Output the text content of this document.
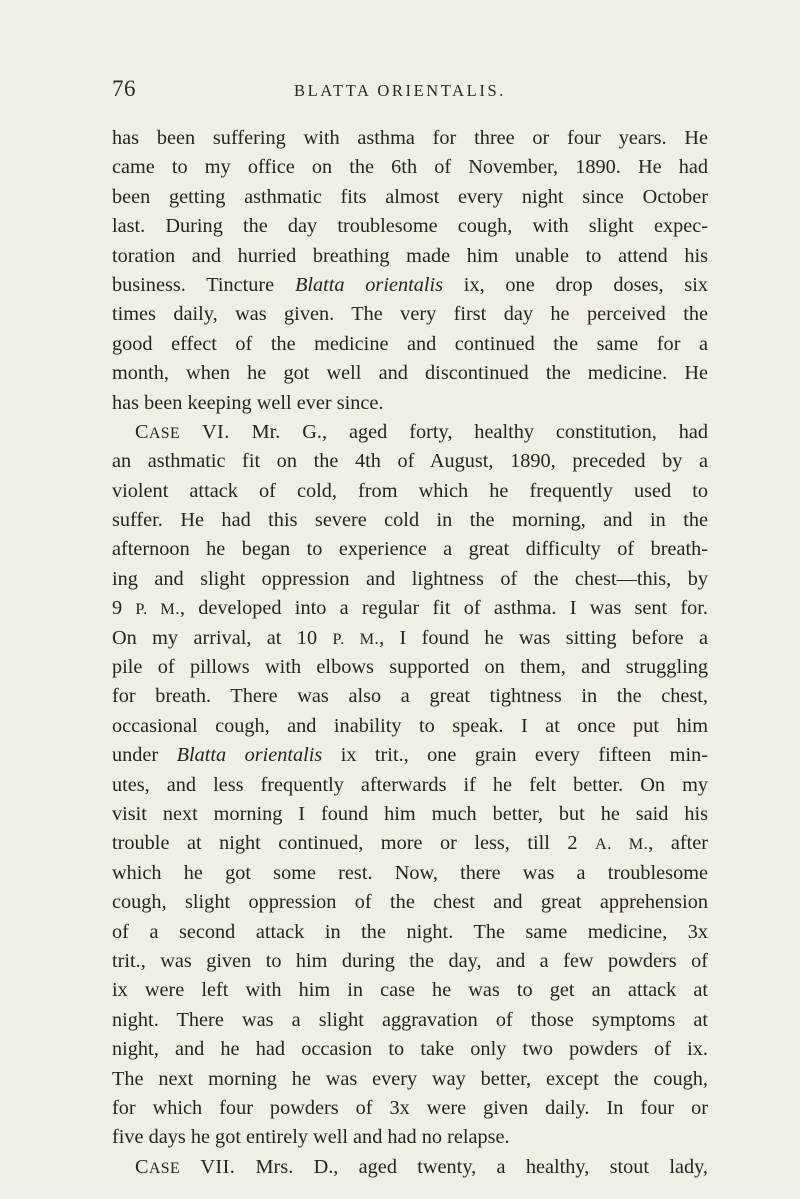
76	BLATTA ORIENTALIS.
has been suffering with asthma for three or four years. He
came to my office on the 6th of November, 1890. He had
been getting asthmatic fits almost every night since October
last. During the day troublesome cough, with slight expec-
toration and hurried breathing made him unable to attend his
business. Tincture Blatta orientalis ix, one drop doses, six
times daily, was given. The very first day he perceived the
good effect of the medicine and continued the same for a
month, when he got well and discontinued the medicine. He
has been keeping well ever since.
CASE VI. Mr. G., aged forty, healthy constitution, had
an asthmatic fit on the 4th of August, 1890, preceded by a
violent attack of cold, from which he frequently used to
suffer. He had this severe cold in the morning, and in the
afternoon he began to experience a great difficulty of breath-
ing and slight oppression and lightness of the chest—this, by
9 P. M., developed into a regular fit of asthma. I was sent for.
On my arrival, at 10 P. M., I found he was sitting before a
pile of pillows with elbows supported on them, and struggling
for breath. There was also a great tightness in the chest,
occasional cough, and inability to speak. I at once put him
under Blatta orientalis ix trit., one grain every fifteen min-
utes, and less frequently afterwards if he felt better. On my
visit next morning I found him much better, but he said his
trouble at night continued, more or less, till 2 A. M., after
which he got some rest. Now, there was a troublesome
cough, slight oppression of the chest and great apprehension
of a second attack in the night. The same medicine, 3x
trit., was given to him during the day, and a few powders of
ix were left with him in case he was to get an attack at
night. There was a slight aggravation of those symptoms at
night, and he had occasion to take only two powders of ix.
The next morning he was every way better, except the cough,
for which four powders of 3x were given daily. In four or
five days he got entirely well and had no relapse.
CASE VII. Mrs. D., aged twenty, a healthy, stout lady,
